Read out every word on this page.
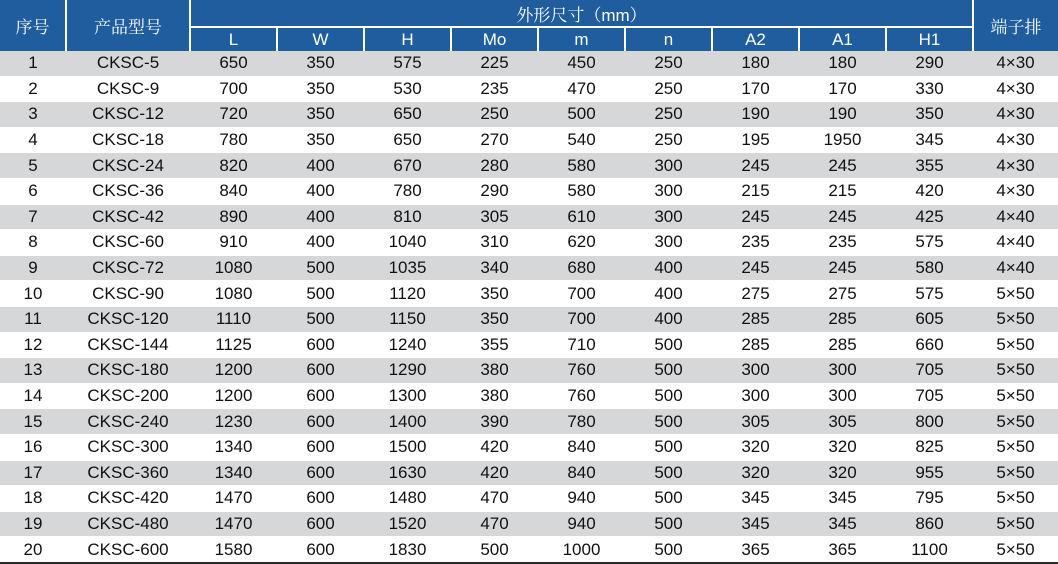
序号	产品型号	外形尺寸（mm）									端子排
		L	W	H	Mo	m	n	A2	A1	H1	
1	CKSC-5	650	350	575	225	450	250	180	180	290	4×30
2	CKSC-9	700	350	530	235	470	250	170	170	330	4×30
3	CKSC-12	720	350	650	250	500	250	190	190	350	4×30
4	CKSC-18	780	350	650	270	540	250	195	1950	345	4×30
5	CKSC-24	820	400	670	280	580	300	245	245	355	4×30
6	CKSC-36	840	400	780	290	580	300	215	215	420	4×30
7	CKSC-42	890	400	810	305	610	300	245	245	425	4×40
8	CKSC-60	910	400	1040	310	620	300	235	235	575	4×40
9	CKSC-72	1080	500	1035	340	680	400	245	245	580	4×40
10	CKSC-90	1080	500	1120	350	700	400	275	275	575	5×50
11	CKSC-120	1110	500	1150	350	700	400	285	285	605	5×50
12	CKSC-144	1125	600	1240	355	710	500	285	285	660	5×50
13	CKSC-180	1200	600	1290	380	760	500	300	300	705	5×50
14	CKSC-200	1200	600	1300	380	760	500	300	300	705	5×50
15	CKSC-240	1230	600	1400	390	780	500	305	305	800	5×50
16	CKSC-300	1340	600	1500	420	840	500	320	320	825	5×50
17	CKSC-360	1340	600	1630	420	840	500	320	320	955	5×50
18	CKSC-420	1470	600	1480	470	940	500	345	345	795	5×50
19	CKSC-480	1470	600	1520	470	940	500	345	345	860	5×50
20	CKSC-600	1580	600	1830	500	1000	500	365	365	1100	5×50
